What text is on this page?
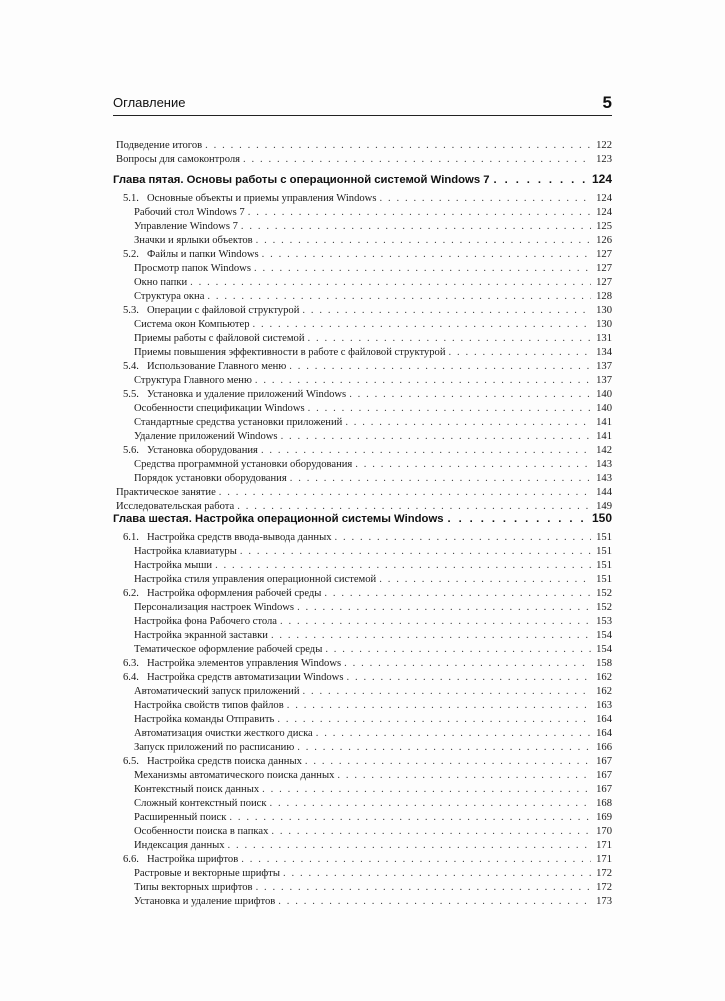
Оглавление	5
Подведение итогов . . .	122
Вопросы для самоконтроля . . .	123
Глава пятая. Основы работы с операционной системой Windows 7 . . .	124
5.1. Основные объекты и приемы управления Windows . . .	124
Рабочий стол Windows 7 . . .	124
Управление Windows 7 . . .	125
Значки и ярлыки объектов . . .	126
5.2. Файлы и папки Windows . . .	127
Просмотр папок Windows . . .	127
Окно папки . . .	127
Структура окна . . .	128
5.3. Операции с файловой структурой . . .	130
Система окон Компьютер . . .	130
Приемы работы с файловой системой . . .	131
Приемы повышения эффективности в работе с файловой структурой . . .	134
5.4. Использование Главного меню . . .	137
Структура Главного меню . . .	137
5.5. Установка и удаление приложений Windows . . .	140
Особенности спецификации Windows . . .	140
Стандартные средства установки приложений . . .	141
Удаление приложений Windows . . .	141
5.6. Установка оборудования . . .	142
Средства программной установки оборудования . . .	143
Порядок установки оборудования . . .	143
Практическое занятие . . .	144
Исследовательская работа . . .	149
Глава шестая. Настройка операционной системы Windows . . .	150
6.1. Настройка средств ввода-вывода данных . . .	151
Настройка клавиатуры . . .	151
Настройка мыши . . .	151
Настройка стиля управления операционной системой . . .	151
6.2. Настройка оформления рабочей среды . . .	152
Персонализация настроек Windows . . .	152
Настройка фона Рабочего стола . . .	153
Настройка экранной заставки . . .	154
Тематическое оформление рабочей среды . . .	154
6.3. Настройка элементов управления Windows . . .	158
6.4. Настройка средств автоматизации Windows . . .	162
Автоматический запуск приложений . . .	162
Настройка свойств типов файлов . . .	163
Настройка команды Отправить . . .	164
Автоматизация очистки жесткого диска . . .	164
Запуск приложений по расписанию . . .	166
6.5. Настройка средств поиска данных . . .	167
Механизмы автоматического поиска данных . . .	167
Контекстный поиск данных . . .	167
Сложный контекстный поиск . . .	168
Расширенный поиск . . .	169
Особенности поиска в папках . . .	170
Индексация данных . . .	171
6.6. Настройка шрифтов . . .	171
Растровые и векторные шрифты . . .	172
Типы векторных шрифтов . . .	172
Установка и удаление шрифтов . . .	173
